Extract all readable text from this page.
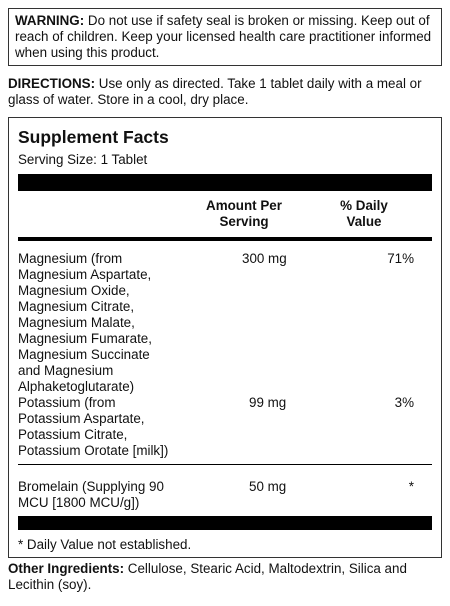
WARNING: Do not use if safety seal is broken or missing. Keep out of reach of children. Keep your licensed health care practitioner informed when using this product.
DIRECTIONS: Use only as directed. Take 1 tablet daily with a meal or glass of water. Store in a cool, dry place.
Supplement Facts
Serving Size: 1 Tablet
Amount Per Serving
% Daily Value
Magnesium (from Magnesium Aspartate, Magnesium Oxide, Magnesium Citrate, Magnesium Malate, Magnesium Fumarate, Magnesium Succinate and Magnesium Alphaketoglutarate)
300 mg	71%
Potassium (from Potassium Aspartate, Potassium Citrate, Potassium Orotate [milk])
99 mg	3%
Bromelain (Supplying 90 MCU [1800 MCU/g])
50 mg	*
* Daily Value not established.
Other Ingredients: Cellulose, Stearic Acid, Maltodextrin, Silica and Lecithin (soy).
